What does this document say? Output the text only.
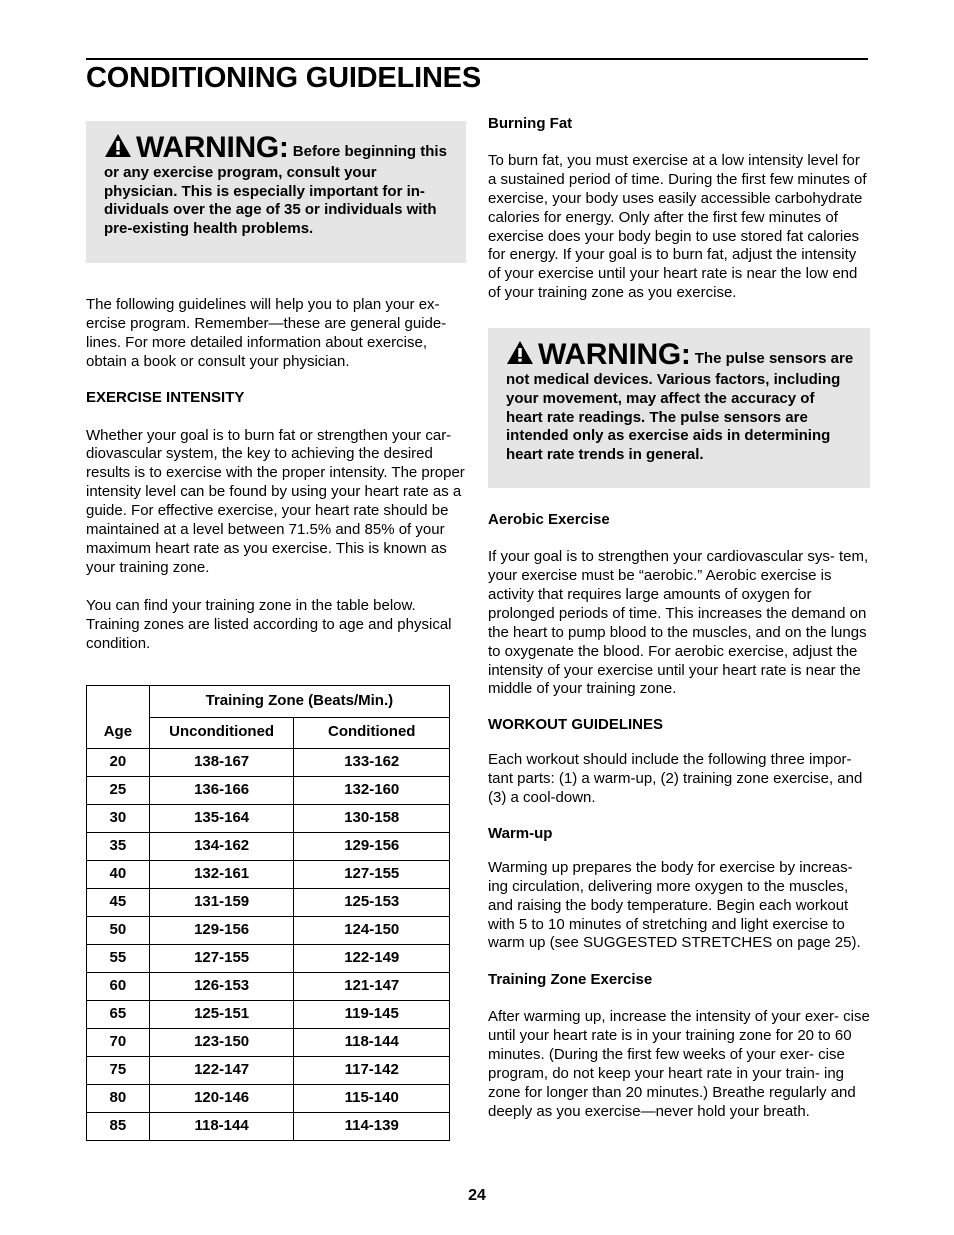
CONDITIONING GUIDELINES
WARNING: Before beginning this or any exercise program, consult your physician. This is especially important for in- dividuals over the age of 35 or individuals with pre-existing health problems.

The following guidelines will help you to plan your ex- ercise program. Remember—these are general guide- lines. For more detailed information about exercise, obtain a book or consult your physician.

EXERCISE INTENSITY

Whether your goal is to burn fat or strengthen your car- diovascular system, the key to achieving the desired results is to exercise with the proper intensity. The proper intensity level can be found by using your heart rate as a guide. For effective exercise, your heart rate should be maintained at a level between 71.5% and 85% of your maximum heart rate as you exercise. This is known as your training zone.

You can find your training zone in the table below. Training zones are listed according to age and physical condition.

Age	Training Zone (Beats/Min.)	
	Unconditioned	Conditioned
20	138-167	133-162
25	136-166	132-160
30	135-164	130-158
35	134-162	129-156
40	132-161	127-155
45	131-159	125-153
50	129-156	124-150
55	127-155	122-149
60	126-153	121-147
65	125-151	119-145
70	123-150	118-144
75	122-147	117-142
80	120-146	115-140
85	118-144	114-139

Burning Fat

To burn fat, you must exercise at a low intensity level for a sustained period of time. During the first few minutes of exercise, your body uses easily accessible carbohydrate calories for energy. Only after the first few minutes of exercise does your body begin to use stored fat calories for energy. If your goal is to burn fat, adjust the intensity of your exercise until your heart rate is near the low end of your training zone as you exercise.

WARNING: The pulse sensors are not medical devices. Various factors, including your movement, may affect the accuracy of heart rate readings. The pulse sensors are intended only as exercise aids in determining heart rate trends in general.

Aerobic Exercise

If your goal is to strengthen your cardiovascular sys- tem, your exercise must be “aerobic.” Aerobic exercise is activity that requires large amounts of oxygen for prolonged periods of time. This increases the demand on the heart to pump blood to the muscles, and on the lungs to oxygenate the blood. For aerobic exercise, adjust the intensity of your exercise until your heart rate is near the middle of your training zone.

WORKOUT GUIDELINES

Each workout should include the following three impor- tant parts: (1) a warm-up, (2) training zone exercise, and (3) a cool-down.

Warm-up

Warming up prepares the body for exercise by increas- ing circulation, delivering more oxygen to the muscles, and raising the body temperature. Begin each workout with 5 to 10 minutes of stretching and light exercise to warm up (see SUGGESTED STRETCHES on page 25).

Training Zone Exercise

After warming up, increase the intensity of your exer- cise until your heart rate is in your training zone for 20 to 60 minutes. (During the first few weeks of your exer- cise program, do not keep your heart rate in your train- ing zone for longer than 20 minutes.) Breathe regularly and deeply as you exercise—never hold your breath.

24
